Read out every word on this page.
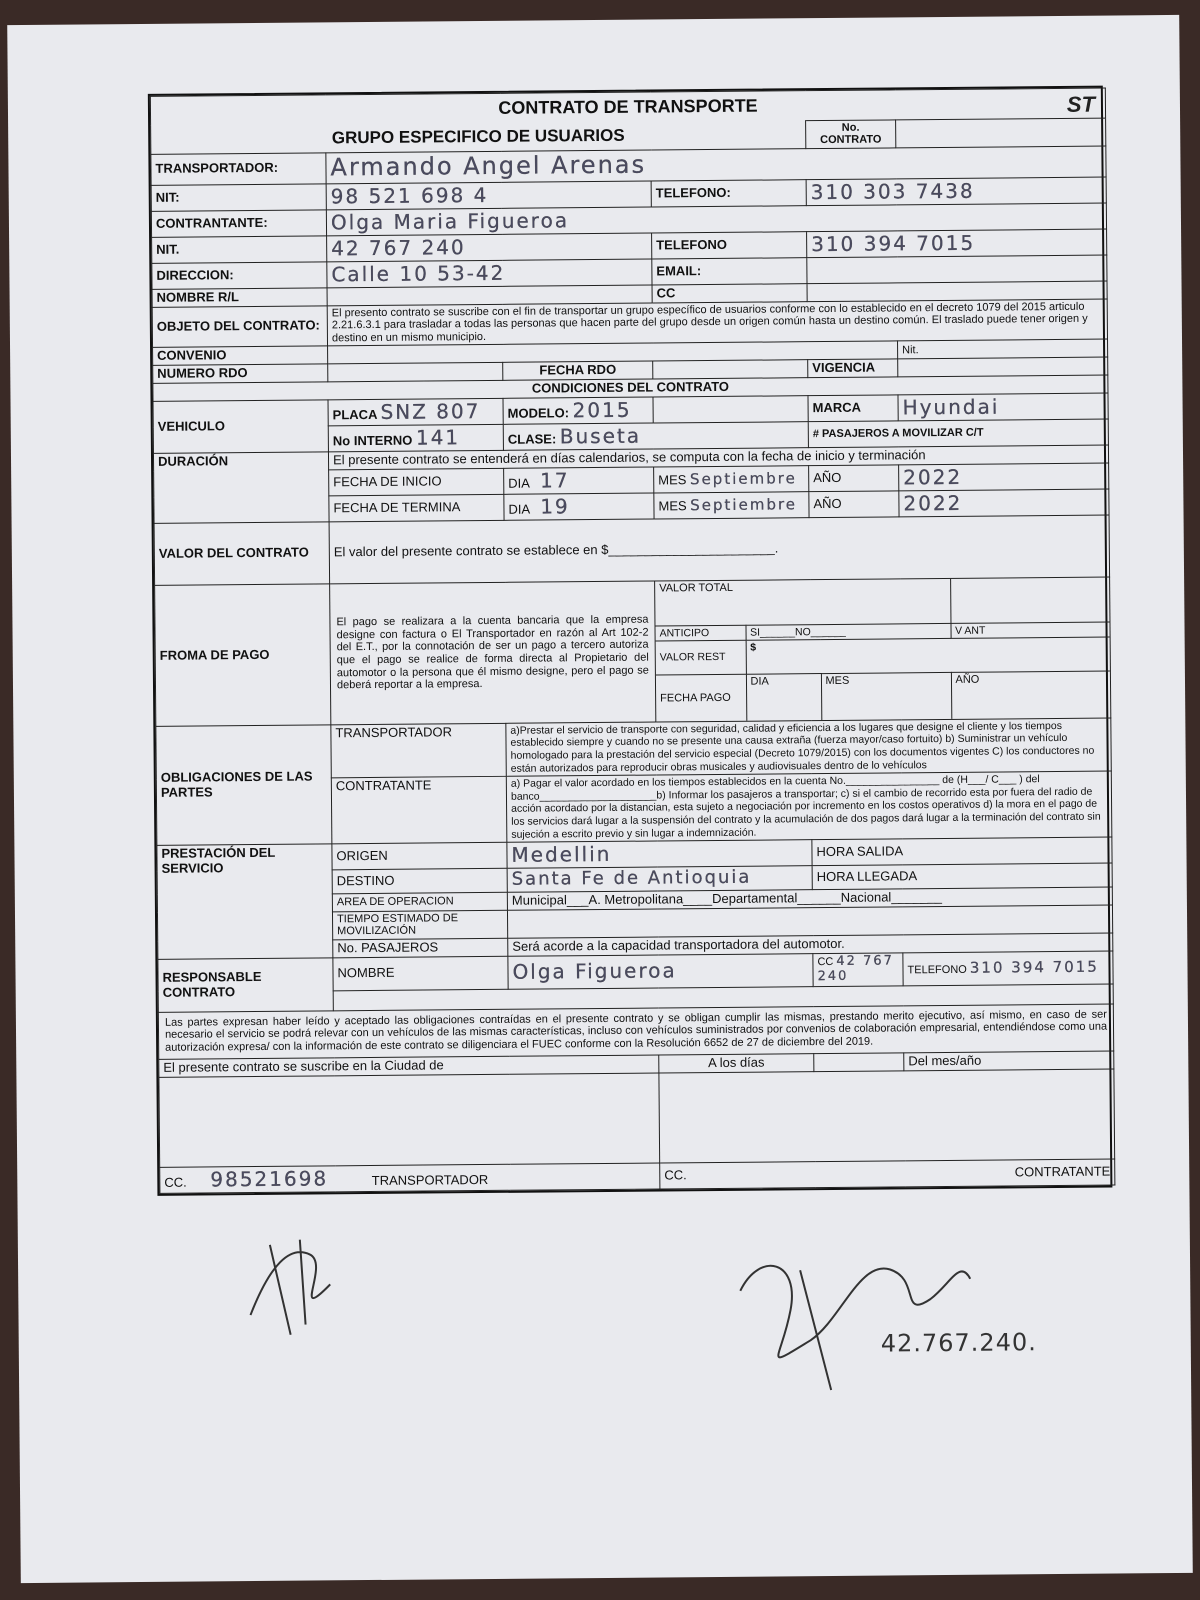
ST
CONTRATO DE TRANSPORTE
GRUPO ESPECIFICO DE USUARIOS	No. CONTRATO	
TRANSPORTADOR:	Armando Angel Arenas
NIT:	98 521 698 4	TELEFONO:	310 303 7438
CONTRANTANTE:	Olga Maria Figueroa
NIT.	42 767 240	TELEFONO	310 394 7015
DIRECCION:	Calle 10 53-42	EMAIL:	
NOMBRE R/L		CC	
OBJETO DEL CONTRATO:	El presento contrato se suscribe con el fin de transportar un grupo específico de usuarios conforme con lo establecido en el decreto 1079 del 2015 articulo 2.21.6.3.1 para trasladar a todas las personas que hacen parte del grupo desde un origen común hasta un destino común. El traslado puede tener origen y destino en un mismo municipio.
CONVENIO		Nit.
NUMERO RDO		FECHA RDO		VIGENCIA	
CONDICIONES DEL CONTRATO
VEHICULO	PLACA SNZ 807	MODELO: 2015		MARCA	Hyundai
No INTERNO 141	CLASE: Buseta	# PASAJEROS A MOVILIZAR C/T
DURACIÓN	El presente contrato se entenderá en días calendarios, se computa con la fecha de inicio y terminación
FECHA DE INICIO	DIA 17	MES Septiembre	AÑO	2022
FECHA DE TERMINA	DIA 19	MES Septiembre	AÑO	2022
VALOR DEL CONTRATO	El valor del presente contrato se establece en $_______________________.
FROMA DE PAGO	El pago se realizara a la cuenta bancaria que la empresa designe con factura o El Transportador en razón al Art 102-2 del E.T., por la connotación de ser un pago a tercero autoriza que el pago se realice de forma directa al Propietario del automotor o la persona que él mismo designe, pero el pago se deberá reportar a la empresa.	
VALOR TOTAL	
ANTICIPO	SI______NO______	V ANT
VALOR REST	$
FECHA PAGO	DIA	MES	AÑO

OBLIGACIONES DE LAS PARTES	TRANSPORTADOR	a)Prestar el servicio de transporte con seguridad, calidad y eficiencia a los lugares que designe el cliente y los tiempos establecido siempre y cuando no se presente una causa extraña (fuerza mayor/caso fortuito) b) Suministrar un vehículo homologado para la prestación del servicio especial (Decreto 1079/2015) con los documentos vigentes C) los conductores no están autorizados para reproducir obras musicales y audiovisuales dentro de lo vehículos
CONTRATANTE	a) Pagar el valor acordado en los tiempos establecidos en la cuenta No.________________ de (H___/ C___ ) del banco____________________b) Informar los pasajeros a transportar; c) si el cambio de recorrido esta por fuera del radio de acción acordado por la distancian, esta sujeto a negociación por incremento en los costos operativos d) la mora en el pago de los servicios dará lugar a la suspensión del contrato y la acumulación de dos pagos dará lugar a la terminación del contrato sin sujeción a escrito previo y sin lugar a indemnización.
PRESTACIÓN DEL SERVICIO	ORIGEN	Medellin	HORA SALIDA
DESTINO	Santa Fe de Antioquia	HORA LLEGADA
AREA DE OPERACION	Municipal___A. Metropolitana____Departamental______Nacional_______
TIEMPO ESTIMADO DE MOVILIZACIÓN	
No. PASAJEROS	Será acorde a la capacidad transportadora del automotor.
RESPONSABLE CONTRATO	NOMBRE	Olga Figueroa	CC 42 767 240	TELEFONO 310 394 7015

Las partes expresan haber leído y aceptado las obligaciones contraídas en el presente contrato y se obligan cumplir las mismas, prestando merito ejecutivo, así mismo, en caso de ser necesario el servicio se podrá relevar con un vehículos de las mismas características, incluso con vehículos suministrados por convenios de colaboración empresarial, entendiéndose como una autorización expresa/ con la información de este contrato se diligenciara el FUEC conforme con la Resolución 6652 de 27 de diciembre del 2019.
El presente contrato se suscribe en la Ciudad de	A los días		Del mes/año

CC. 98521698	TRANSPORTADOR	CC.	CONTRATANTE
42.767.240.
